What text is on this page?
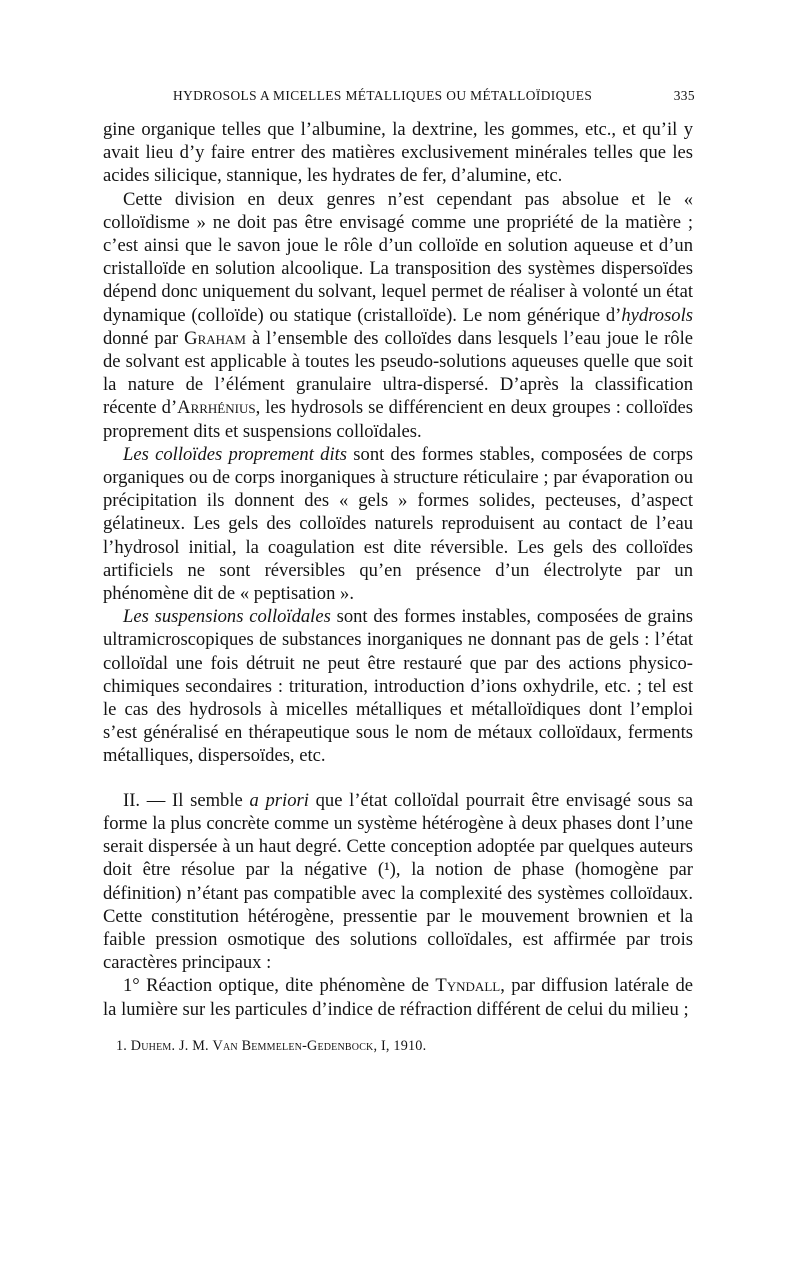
HYDROSOLS A MICELLES MÉTALLIQUES OU MÉTALLOÏDIQUES	335

gine organique telles que l’albumine, la dextrine, les gommes, etc., et qu’il y avait lieu d’y faire entrer des matières exclusivement minérales telles que les acides silicique, stannique, les hydrates de fer, d’alumine, etc.

Cette division en deux genres n’est cependant pas absolue et le « colloïdisme » ne doit pas être envisagé comme une propriété de la matière ; c’est ainsi que le savon joue le rôle d’un colloïde en solution aqueuse et d’un cristalloïde en solution alcoolique. La transposition des systèmes dispersoïdes dépend donc uniquement du solvant, lequel permet de réaliser à volonté un état dynamique (colloïde) ou statique (cristalloïde). Le nom générique d’hydrosols donné par Graham à l’ensemble des colloïdes dans lesquels l’eau joue le rôle de solvant est applicable à toutes les pseudo-solutions aqueuses quelle que soit la nature de l’élément granulaire ultra-dispersé. D’après la classification récente d’Arrhénius, les hydrosols se différencient en deux groupes : colloïdes proprement dits et suspensions colloïdales.

Les colloïdes proprement dits sont des formes stables, composées de corps organiques ou de corps inorganiques à structure réticulaire ; par évaporation ou précipitation ils donnent des « gels » formes solides, pecteuses, d’aspect gélatineux. Les gels des colloïdes naturels reproduisent au contact de l’eau l’hydrosol initial, la coagulation est dite réversible. Les gels des colloïdes artificiels ne sont réversibles qu’en présence d’un électrolyte par un phénomène dit de « peptisation ».

Les suspensions colloïdales sont des formes instables, composées de grains ultramicroscopiques de substances inorganiques ne donnant pas de gels : l’état colloïdal une fois détruit ne peut être restauré que par des actions physico-chimiques secondaires : trituration, introduction d’ions oxhydrile, etc. ; tel est le cas des hydrosols à micelles métalliques et métalloïdiques dont l’emploi s’est généralisé en thérapeutique sous le nom de métaux colloïdaux, ferments métalliques, dispersoïdes, etc.

II. — Il semble a priori que l’état colloïdal pourrait être envisagé sous sa forme la plus concrète comme un système hétérogène à deux phases dont l’une serait dispersée à un haut degré. Cette conception adoptée par quelques auteurs doit être résolue par la négative (¹), la notion de phase (homogène par définition) n’étant pas compatible avec la complexité des systèmes colloïdaux. Cette constitution hétérogène, pressentie par le mouvement brownien et la faible pression osmotique des solutions colloïdales, est affirmée par trois caractères principaux :

1° Réaction optique, dite phénomène de Tyndall, par diffusion latérale de la lumière sur les particules d’indice de réfraction différent de celui du milieu ;

1. Duhem. J. M. Van Bemmelen-Gedenbock, I, 1910.
